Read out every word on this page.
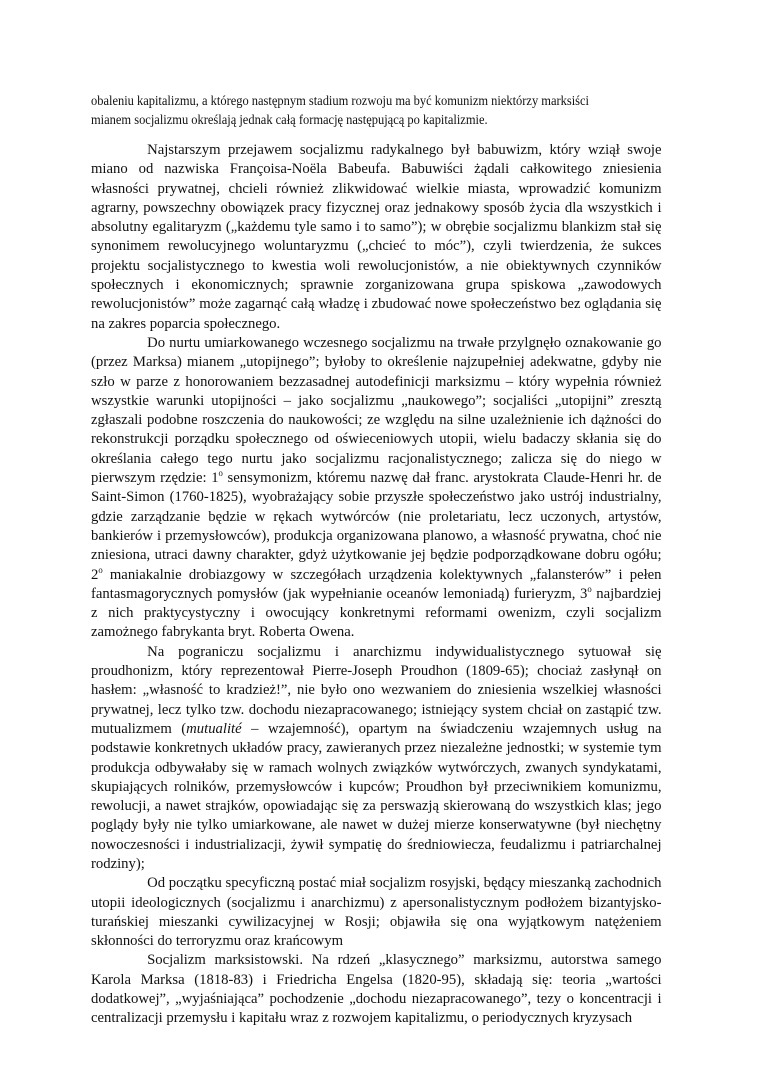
obaleniu kapitalizmu, a którego następnym stadium rozwoju ma być komunizm niektórzy marksiści
mianem socjalizmu określają jednak całą formację następującą po kapitalizmie.

Najstarszym przejawem socjalizmu radykalnego był babuwizm, który wziął swoje miano od nazwiska Françoisa-Noëla Babeufa. Babuwiści żądali całkowitego zniesienia własności prywatnej, chcieli również zlikwidować wielkie miasta, wprowadzić komunizm agrarny, powszechny obowiązek pracy fizycznej oraz jednakowy sposób życia dla wszystkich i absolutny egalitaryzm („każdemu tyle samo i to samo”); w obrębie socjalizmu blankizm stał się synonimem rewolucyjnego woluntaryzmu („chcieć to móc”), czyli twierdzenia, że sukces projektu socjalistycznego to kwestia woli rewolucjonistów, a nie obiektywnych czynników społecznych i ekonomicznych; sprawnie zorganizowana grupa spiskowa „zawodowych rewolucjonistów” może zagarnąć całą władzę i zbudować nowe społeczeństwo bez oglądania się na zakres poparcia społecznego.

Do nurtu umiarkowanego wczesnego socjalizmu na trwałe przylgnęło oznakowanie go (przez Marksa) mianem „utopijnego”; byłoby to określenie najzupełniej adekwatne, gdyby nie szło w parze z honorowaniem bezzasadnej autodefinicji marksizmu – który wypełnia również wszystkie warunki utopijności – jako socjalizmu „naukowego”; socjaliści „utopijni” zresztą zgłaszali podobne roszczenia do naukowości; ze względu na silne uzależnienie ich dążności do rekonstrukcji porządku społecznego od oświeceniowych utopii, wielu badaczy skłania się do określania całego tego nurtu jako socjalizmu racjonalistycznego; zalicza się do niego w pierwszym rzędzie: 1$^o$ sensymonizm, któremu nazwę dał franc. arystokrata Claude-Henri hr. de Saint-Simon (1760-1825), wyobrażający sobie przyszłe społeczeństwo jako ustrój industrialny, gdzie zarządzanie będzie w rękach wytwórców (nie proletariatu, lecz uczonych, artystów, bankierów i przemysłowców), produkcja organizowana planowo, a własność prywatna, choć nie zniesiona, utraci dawny charakter, gdyż użytkowanie jej będzie podporządkowane dobru ogółu; 2$^o$ maniakalnie drobiazgowy w szczegółach urządzenia kolektywnych „falansterów” i pełen fantasmagorycznych pomysłów (jak wypełnianie oceanów lemoniadą) furieryzm, 3$^o$ najbardziej z nich praktycystyczny i owocujący konkretnymi reformami owenizm, czyli socjalizm zamożnego fabrykanta bryt. Roberta Owena.

Na pograniczu socjalizmu i anarchizmu indywidualistycznego sytuował się proudhonizm, który reprezentował Pierre-Joseph Proudhon (1809-65); chociaż zasłynął on hasłem: „własność to kradzież!”, nie było ono wezwaniem do zniesienia wszelkiej własności prywatnej, lecz tylko tzw. dochodu niezapracowanego; istniejący system chciał on zastąpić tzw. mutualizmem (mutualité – wzajemność), opartym na świadczeniu wzajemnych usług na podstawie konkretnych układów pracy, zawieranych przez niezależne jednostki; w systemie tym produkcja odbywałaby się w ramach wolnych związków wytwórczych, zwanych syndykatami, skupiających rolników, przemysłowców i kupców; Proudhon był przeciwnikiem komunizmu, rewolucji, a nawet strajków, opowiadając się za perswazją skierowaną do wszystkich klas; jego poglądy były nie tylko umiarkowane, ale nawet w dużej mierze konserwatywne (był niechętny nowoczesności i industrializacji, żywił sympatię do średniowiecza, feudalizmu i patriarchalnej rodziny);

Od początku specyficzną postać miał socjalizm rosyjski, będący mieszanką zachodnich utopii ideologicznych (socjalizmu i anarchizmu) z apersonalistycznym podłożem bizantyjsko-turańskiej mieszanki cywilizacyjnej w Rosji; objawiła się ona wyjątkowym natężeniem skłonności do terroryzmu oraz krańcowym

Socjalizm marksistowski. Na rdzeń „klasycznego” marksizmu, autorstwa samego Karola Marksa (1818-83) i Friedricha Engelsa (1820-95), składają się: teoria „wartości dodatkowej”, „wyjaśniająca” pochodzenie „dochodu niezapracowanego”, tezy o koncentracji i centralizacji przemysłu i kapitału wraz z rozwojem kapitalizmu, o periodycznych kryzysach
